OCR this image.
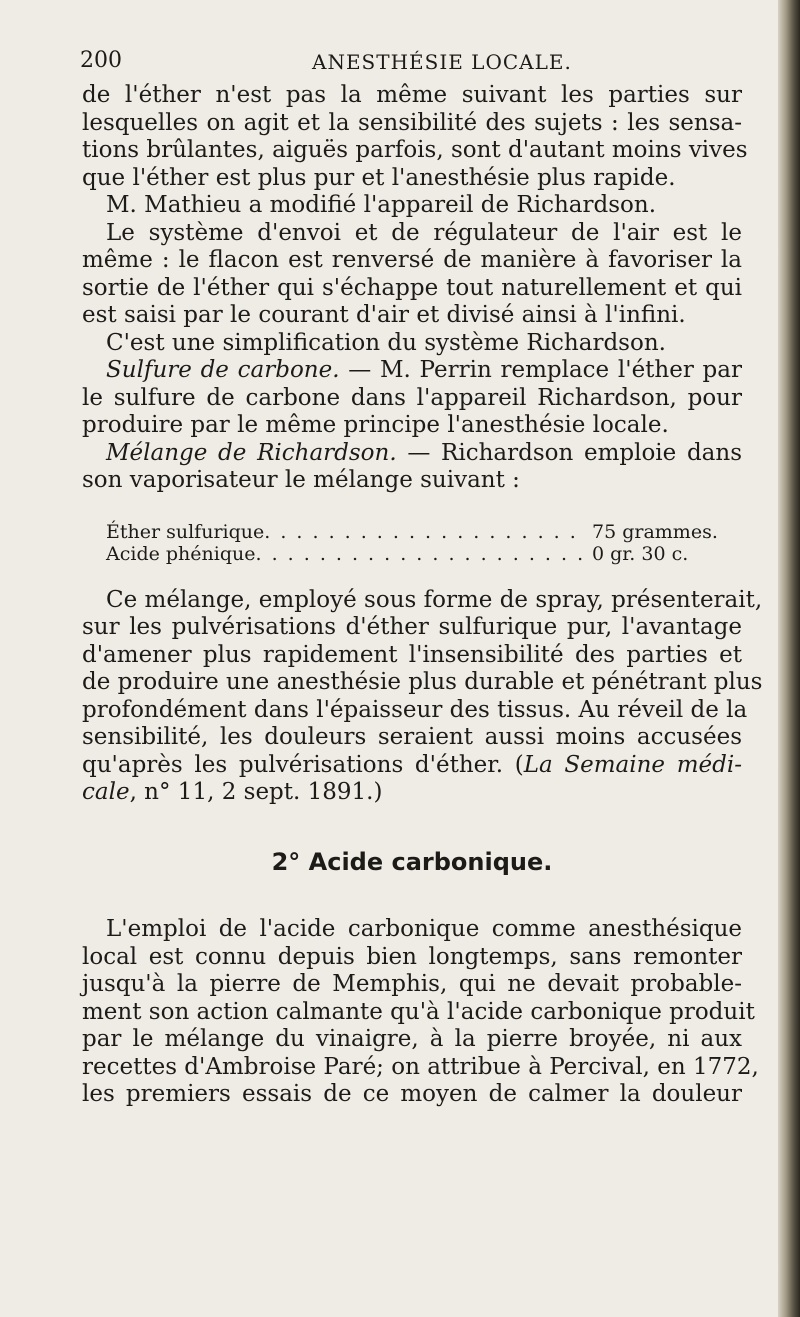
200	ANESTHÉSIE LOCALE.
de l'éther n'est pas la même suivant les parties sur
lesquelles on agit et la sensibilité des sujets : les sensa-
tions brûlantes, aiguës parfois, sont d'autant moins vives
que l'éther est plus pur et l'anesthésie plus rapide.
M. Mathieu a modifié l'appareil de Richardson.
Le système d'envoi et de régulateur de l'air est le
même : le flacon est renversé de manière à favoriser la
sortie de l'éther qui s'échappe tout naturellement et qui
est saisi par le courant d'air et divisé ainsi à l'infini.
C'est une simplification du système Richardson.
Sulfure de carbone. — M. Perrin remplace l'éther par
le sulfure de carbone dans l'appareil Richardson, pour
produire par le même principe l'anesthésie locale.
Mélange de Richardson. — Richardson emploie dans
son vaporisateur le mélange suivant :
Éther sulfurique . . .	75 grammes.
Acide phénique . . .	0 gr. 30 c.
Ce mélange, employé sous forme de spray, présenterait,
sur les pulvérisations d'éther sulfurique pur, l'avantage
d'amener plus rapidement l'insensibilité des parties et
de produire une anesthésie plus durable et pénétrant plus
profondément dans l'épaisseur des tissus. Au réveil de la
sensibilité, les douleurs seraient aussi moins accusées
qu'après les pulvérisations d'éther. (La Semaine médi-
cale, n° 11, 2 sept. 1891.)
2° Acide carbonique.
L'emploi de l'acide carbonique comme anesthésique
local est connu depuis bien longtemps, sans remonter
jusqu'à la pierre de Memphis, qui ne devait probable-
ment son action calmante qu'à l'acide carbonique produit
par le mélange du vinaigre, à la pierre broyée, ni aux
recettes d'Ambroise Paré; on attribue à Percival, en 1772,
les premiers essais de ce moyen de calmer la douleur
